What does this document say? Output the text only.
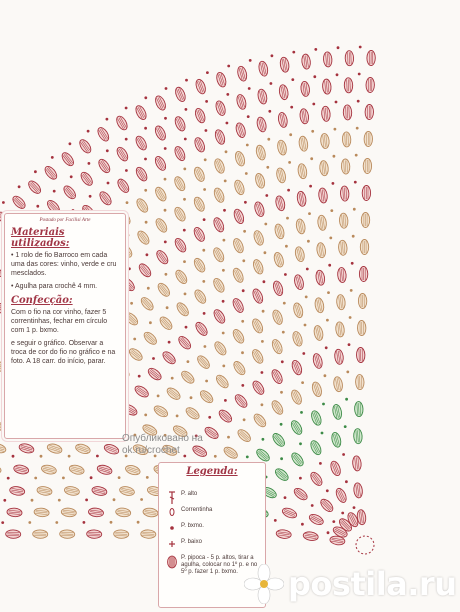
Postado por Facilisi Arte
Materiais utilizados:

• 1 rolo de fio Barroco em cada uma das cores: vinho, verde e cru mesclados.

• Agulha para crochê 4 mm.

Confecção:

Com o fio na cor vinho, fazer 5 correntinhas, fechar em círculo com 1 p. bxmo.

e seguir o gráfico. Observar a troca de cor do fio no gráfico e na foto. A 18 carr. do início, parar.

Опубликовано на
ok.ru/crochet
Legenda:
P. alto
Correntinha
P. bxmo.
P. baixo
P. pipoca - 5 p. altos, tirar a agulha, colocar no 1º p. e no 5º p. fazer 1 p. bxmo.	postila.ru
